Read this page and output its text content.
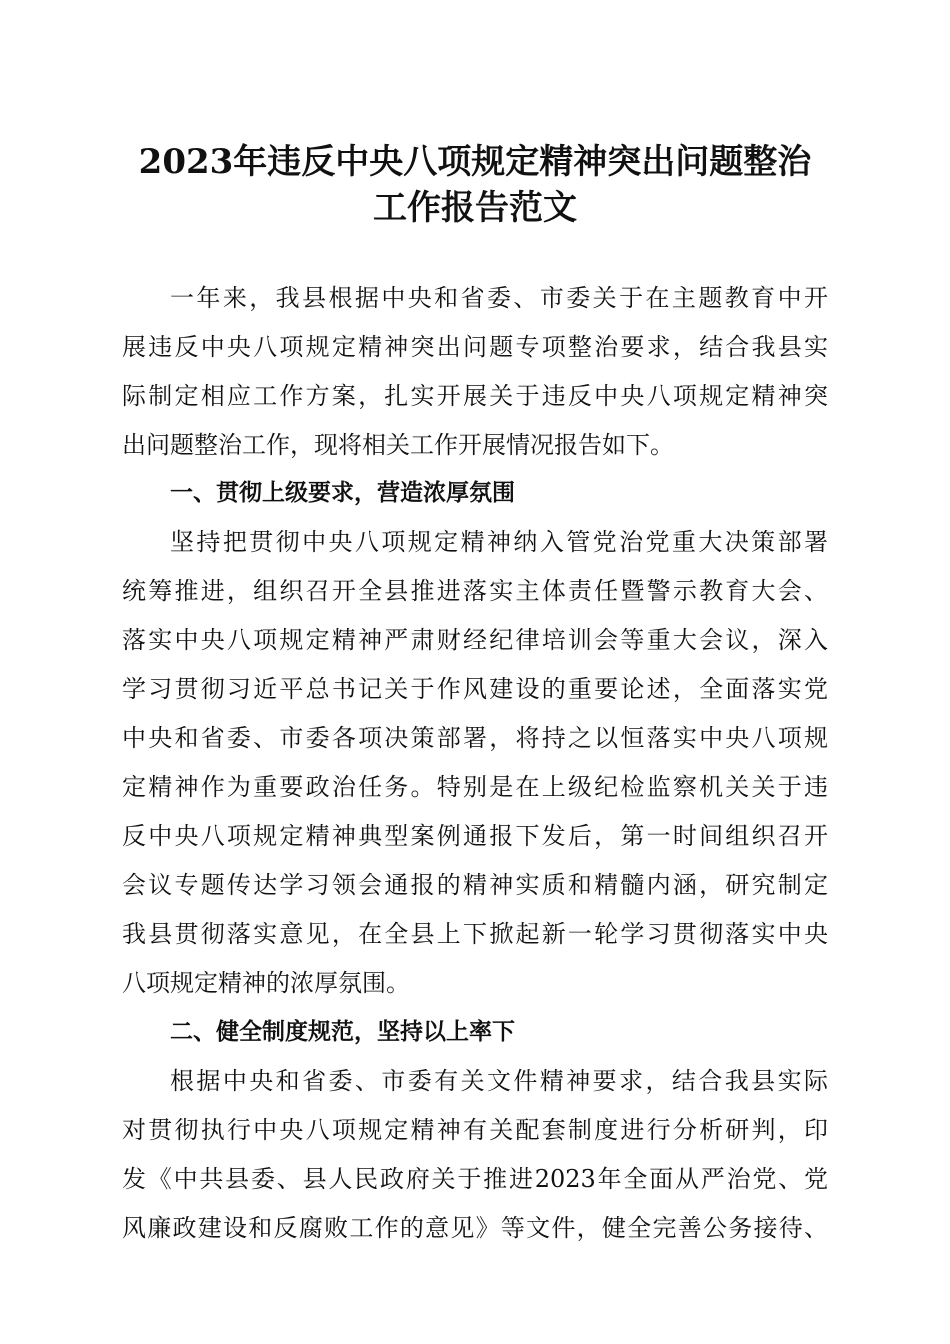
2023年违反中央八项规定精神突出问题整治
工作报告范文
一年来，我县根据中央和省委、市委关于在主题教育中开
展违反中央八项规定精神突出问题专项整治要求，结合我县实
际制定相应工作方案，扎实开展关于违反中央八项规定精神突
出问题整治工作，现将相关工作开展情况报告如下。
一、贯彻上级要求，营造浓厚氛围
坚持把贯彻中央八项规定精神纳入管党治党重大决策部署
统筹推进，组织召开全县推进落实主体责任暨警示教育大会、
落实中央八项规定精神严肃财经纪律培训会等重大会议，深入
学习贯彻习近平总书记关于作风建设的重要论述，全面落实党
中央和省委、市委各项决策部署，将持之以恒落实中央八项规
定精神作为重要政治任务。特别是在上级纪检监察机关关于违
反中央八项规定精神典型案例通报下发后，第一时间组织召开
会议专题传达学习领会通报的精神实质和精髓内涵，研究制定
我县贯彻落实意见，在全县上下掀起新一轮学习贯彻落实中央
八项规定精神的浓厚氛围。
二、健全制度规范，坚持以上率下
根据中央和省委、市委有关文件精神要求，结合我县实际
对贯彻执行中央八项规定精神有关配套制度进行分析研判，印
发《中共县委、县人民政府关于推进2023年全面从严治党、党
风廉政建设和反腐败工作的意见》等文件，健全完善公务接待、
